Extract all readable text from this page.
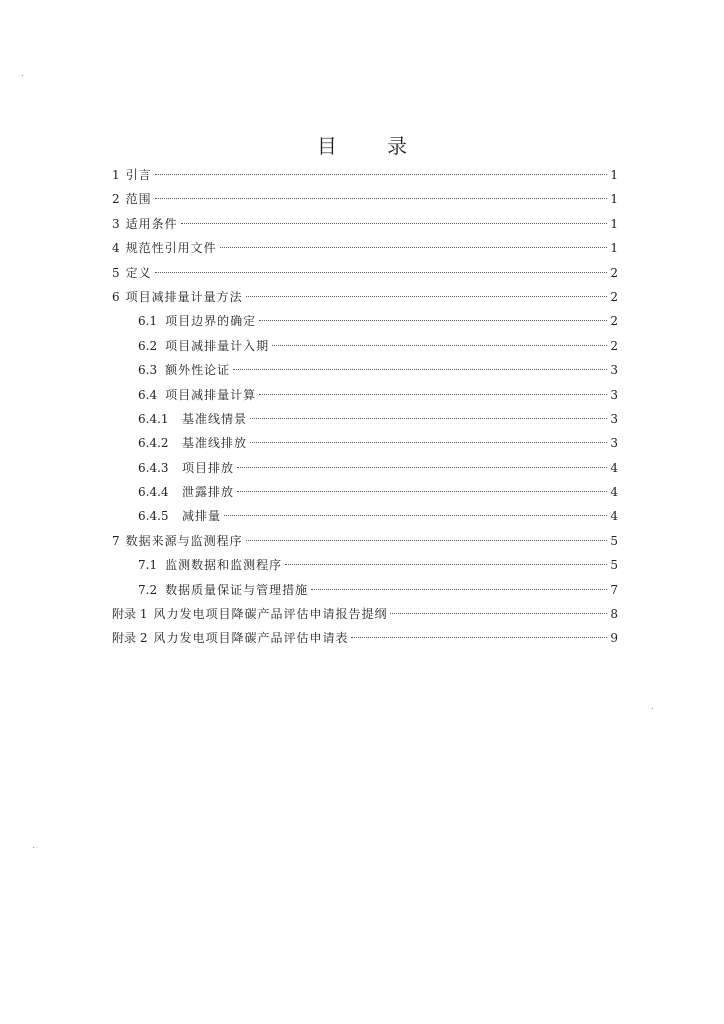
目 录
1 引言	1
2 范围	1
3 适用条件	1
4 规范性引用文件	1
5 定义	2
6 项目减排量计量方法	2
6.1 项目边界的确定	2
6.2 项目减排量计入期	2
6.3 额外性论证	3
6.4 项目减排量计算	3
6.4.1	基准线情景	3
6.4.2	基准线排放	3
6.4.3	项目排放	4
6.4.4	泄露排放	4
6.4.5	减排量	4
7 数据来源与监测程序	5
7.1 监测数据和监测程序	5
7.2 数据质量保证与管理措施	7
附录 1 风力发电项目降碳产品评估申请报告提纲	8
附录 2 风力发电项目降碳产品评估申请表	9
